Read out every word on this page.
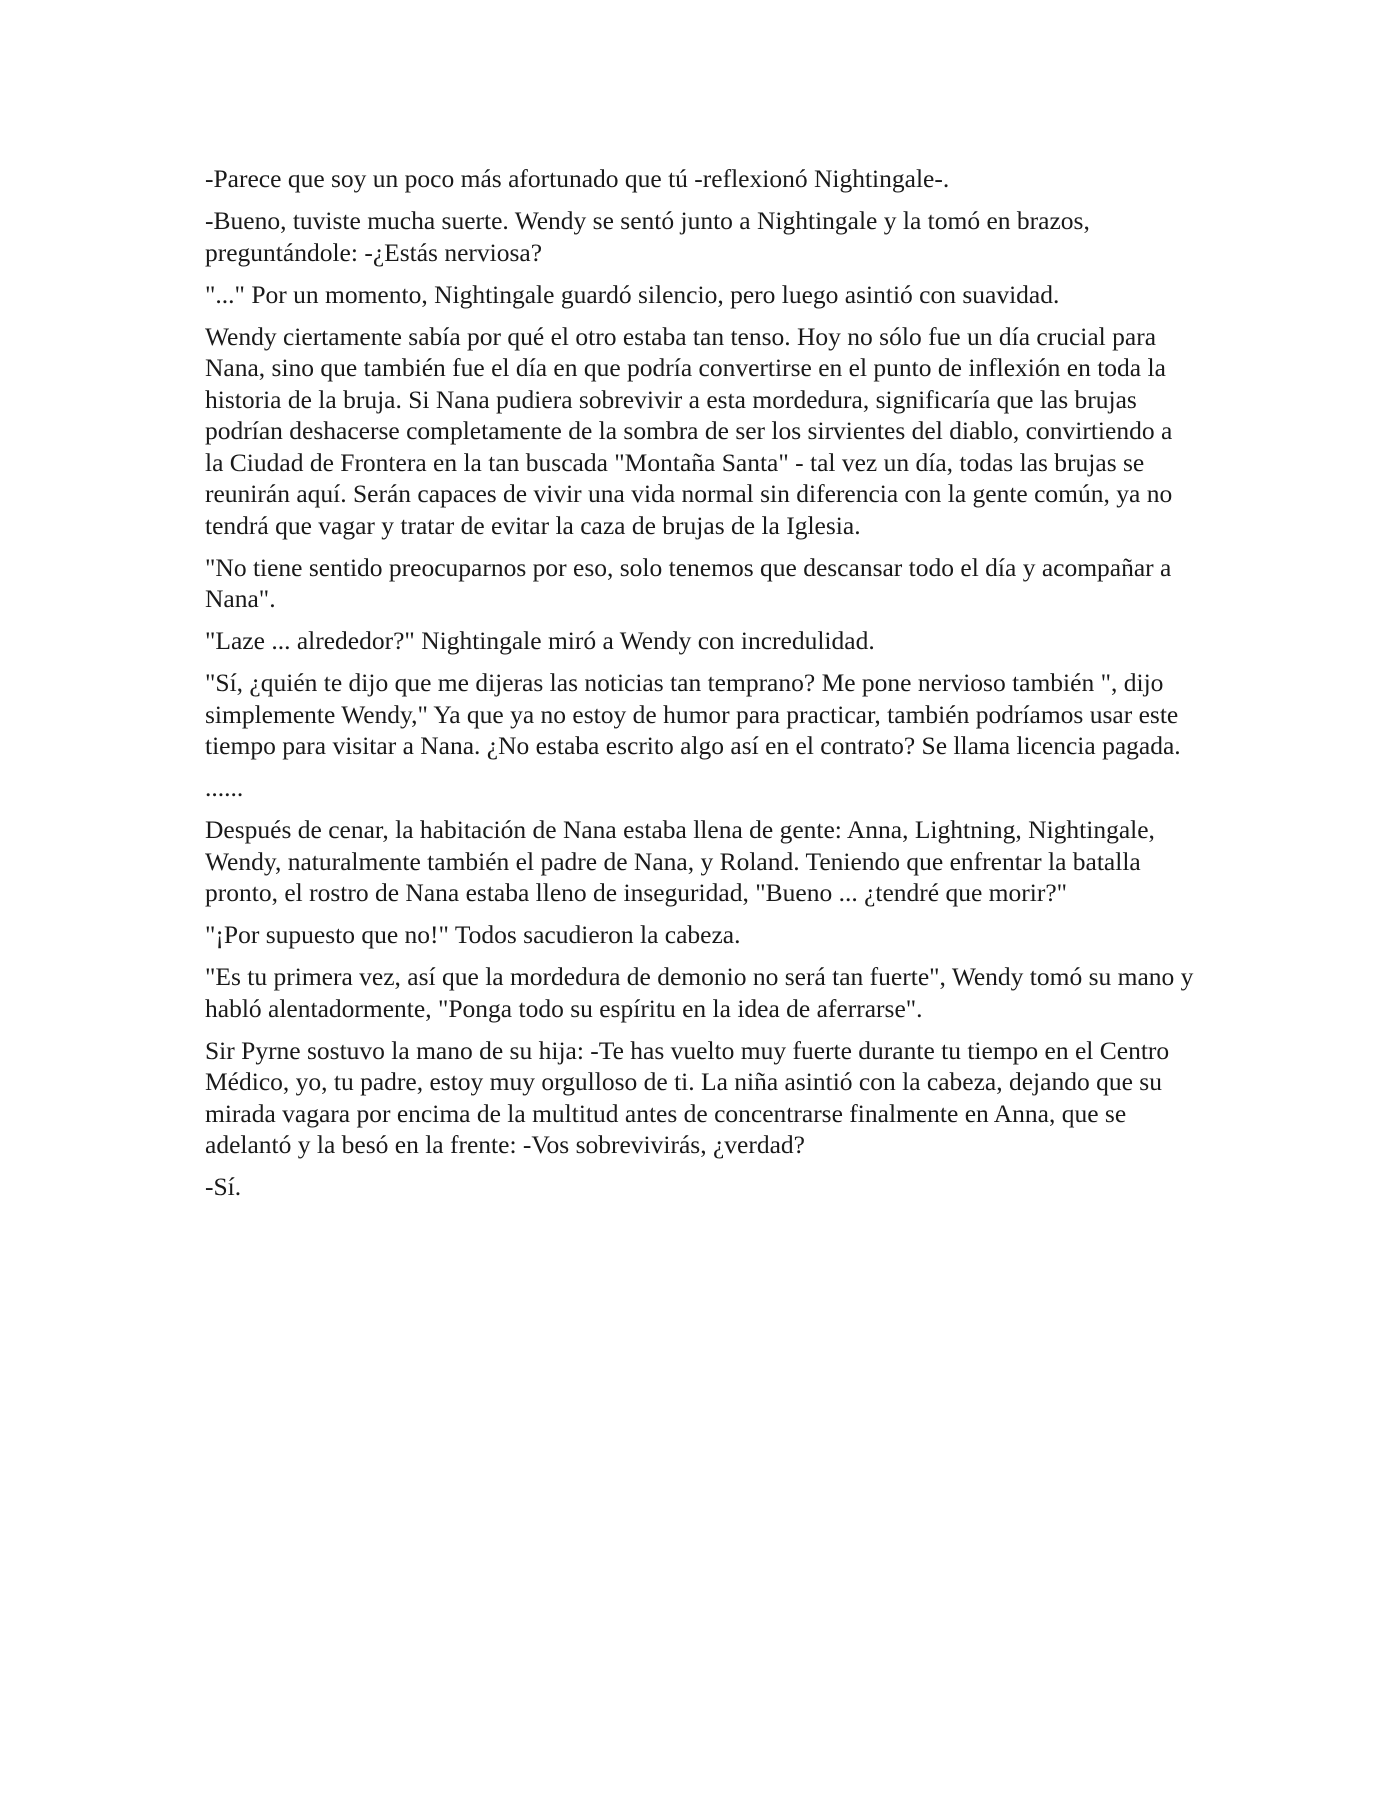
-Parece que soy un poco más afortunado que tú -reflexionó Nightingale-.

-Bueno, tuviste mucha suerte. Wendy se sentó junto a Nightingale y la tomó en brazos, preguntándole: -¿Estás nerviosa?

"..." Por un momento, Nightingale guardó silencio, pero luego asintió con suavidad.

Wendy ciertamente sabía por qué el otro estaba tan tenso. Hoy no sólo fue un día crucial para Nana, sino que también fue el día en que podría convertirse en el punto de inflexión en toda la historia de la bruja. Si Nana pudiera sobrevivir a esta mordedura, significaría que las brujas podrían deshacerse completamente de la sombra de ser los sirvientes del diablo, convirtiendo a la Ciudad de Frontera en la tan buscada "Montaña Santa" - tal vez un día, todas las brujas se reunirán aquí. Serán capaces de vivir una vida normal sin diferencia con la gente común, ya no tendrá que vagar y tratar de evitar la caza de brujas de la Iglesia.

"No tiene sentido preocuparnos por eso, solo tenemos que descansar todo el día y acompañar a Nana".

"Laze ... alrededor?" Nightingale miró a Wendy con incredulidad.

"Sí, ¿quién te dijo que me dijeras las noticias tan temprano? Me pone nervioso también ", dijo simplemente Wendy," Ya que ya no estoy de humor para practicar, también podríamos usar este tiempo para visitar a Nana. ¿No estaba escrito algo así en el contrato? Se llama licencia pagada.

......

Después de cenar, la habitación de Nana estaba llena de gente: Anna, Lightning, Nightingale, Wendy, naturalmente también el padre de Nana, y Roland. Teniendo que enfrentar la batalla pronto, el rostro de Nana estaba lleno de inseguridad, "Bueno ... ¿tendré que morir?"

"¡Por supuesto que no!" Todos sacudieron la cabeza.

"Es tu primera vez, así que la mordedura de demonio no será tan fuerte", Wendy tomó su mano y habló alentadormente, "Ponga todo su espíritu en la idea de aferrarse".

Sir Pyrne sostuvo la mano de su hija: -Te has vuelto muy fuerte durante tu tiempo en el Centro Médico, yo, tu padre, estoy muy orgulloso de ti. La niña asintió con la cabeza, dejando que su mirada vagara por encima de la multitud antes de concentrarse finalmente en Anna, que se adelantó y la besó en la frente: -Vos sobrevivirás, ¿verdad?

-Sí.
